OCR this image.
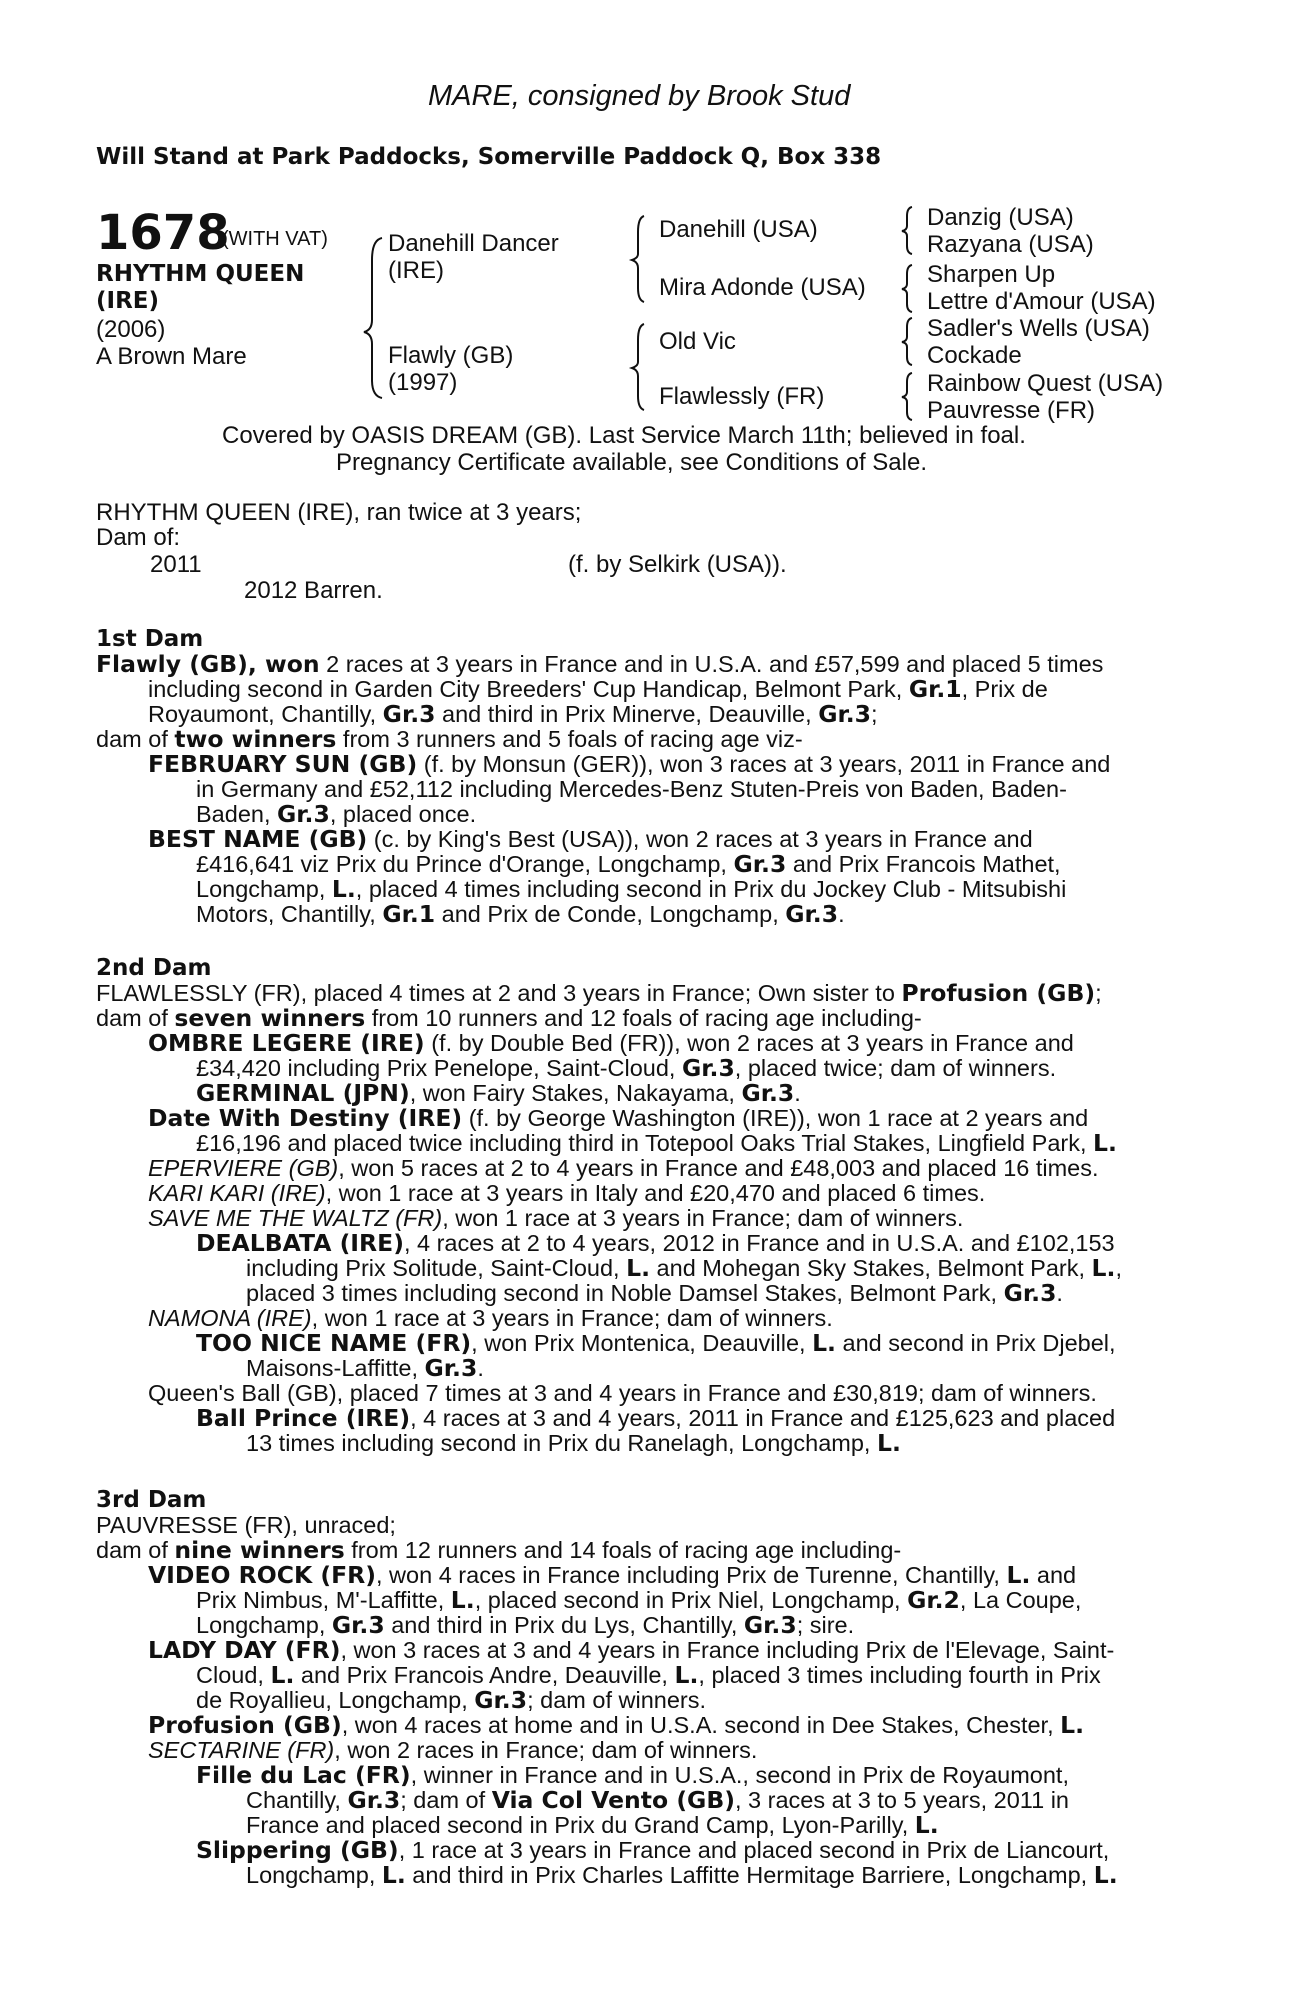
MARE, consigned by Brook Stud
Will Stand at Park Paddocks, Somerville Paddock Q, Box 338
1678
(WITH VAT)
RHYTHM QUEEN
(IRE)
(2006)
A Brown Mare
Danehill Dancer
(IRE)
Flawly (GB)
(1997)
Danehill (USA)
Mira Adonde (USA)
Old Vic
Flawlessly (FR)
Danzig (USA)
Razyana (USA)
Sharpen Up
Lettre d'Amour (USA)
Sadler's Wells (USA)
Cockade
Rainbow Quest (USA)
Pauvresse (FR)
Covered by OASIS DREAM (GB). Last Service March 11th; believed in foal.
Pregnancy Certificate available, see Conditions of Sale.
RHYTHM QUEEN (IRE), ran twice at 3 years;
Dam of:
2011	(f. by Selkirk (USA)).
2012 Barren.
1st Dam
Flawly (GB), won 2 races at 3 years in France and in U.S.A. and £57,599 and placed 5 times
including second in Garden City Breeders' Cup Handicap, Belmont Park, Gr.1, Prix de
Royaumont, Chantilly, Gr.3 and third in Prix Minerve, Deauville, Gr.3;
dam of two winners from 3 runners and 5 foals of racing age viz-
FEBRUARY SUN (GB) (f. by Monsun (GER)), won 3 races at 3 years, 2011 in France and
in Germany and £52,112 including Mercedes-Benz Stuten-Preis von Baden, Baden-
Baden, Gr.3, placed once.
BEST NAME (GB) (c. by King's Best (USA)), won 2 races at 3 years in France and
£416,641 viz Prix du Prince d'Orange, Longchamp, Gr.3 and Prix Francois Mathet,
Longchamp, L., placed 4 times including second in Prix du Jockey Club - Mitsubishi
Motors, Chantilly, Gr.1 and Prix de Conde, Longchamp, Gr.3.
2nd Dam
FLAWLESSLY (FR), placed 4 times at 2 and 3 years in France; Own sister to Profusion (GB);
dam of seven winners from 10 runners and 12 foals of racing age including-
OMBRE LEGERE (IRE) (f. by Double Bed (FR)), won 2 races at 3 years in France and
£34,420 including Prix Penelope, Saint-Cloud, Gr.3, placed twice; dam of winners.
GERMINAL (JPN), won Fairy Stakes, Nakayama, Gr.3.
Date With Destiny (IRE) (f. by George Washington (IRE)), won 1 race at 2 years and
£16,196 and placed twice including third in Totepool Oaks Trial Stakes, Lingfield Park, L.
EPERVIERE (GB), won 5 races at 2 to 4 years in France and £48,003 and placed 16 times.
KARI KARI (IRE), won 1 race at 3 years in Italy and £20,470 and placed 6 times.
SAVE ME THE WALTZ (FR), won 1 race at 3 years in France; dam of winners.
DEALBATA (IRE), 4 races at 2 to 4 years, 2012 in France and in U.S.A. and £102,153
including Prix Solitude, Saint-Cloud, L. and Mohegan Sky Stakes, Belmont Park, L.,
placed 3 times including second in Noble Damsel Stakes, Belmont Park, Gr.3.
NAMONA (IRE), won 1 race at 3 years in France; dam of winners.
TOO NICE NAME (FR), won Prix Montenica, Deauville, L. and second in Prix Djebel,
Maisons-Laffitte, Gr.3.
Queen's Ball (GB), placed 7 times at 3 and 4 years in France and £30,819; dam of winners.
Ball Prince (IRE), 4 races at 3 and 4 years, 2011 in France and £125,623 and placed
13 times including second in Prix du Ranelagh, Longchamp, L.
3rd Dam
PAUVRESSE (FR), unraced;
dam of nine winners from 12 runners and 14 foals of racing age including-
VIDEO ROCK (FR), won 4 races in France including Prix de Turenne, Chantilly, L. and
Prix Nimbus, M'-Laffitte, L., placed second in Prix Niel, Longchamp, Gr.2, La Coupe,
Longchamp, Gr.3 and third in Prix du Lys, Chantilly, Gr.3; sire.
LADY DAY (FR), won 3 races at 3 and 4 years in France including Prix de l'Elevage, Saint-
Cloud, L. and Prix Francois Andre, Deauville, L., placed 3 times including fourth in Prix
de Royallieu, Longchamp, Gr.3; dam of winners.
Profusion (GB), won 4 races at home and in U.S.A. second in Dee Stakes, Chester, L.
SECTARINE (FR), won 2 races in France; dam of winners.
Fille du Lac (FR), winner in France and in U.S.A., second in Prix de Royaumont,
Chantilly, Gr.3; dam of Via Col Vento (GB), 3 races at 3 to 5 years, 2011 in
France and placed second in Prix du Grand Camp, Lyon-Parilly, L.
Slippering (GB), 1 race at 3 years in France and placed second in Prix de Liancourt,
Longchamp, L. and third in Prix Charles Laffitte Hermitage Barriere, Longchamp, L.
